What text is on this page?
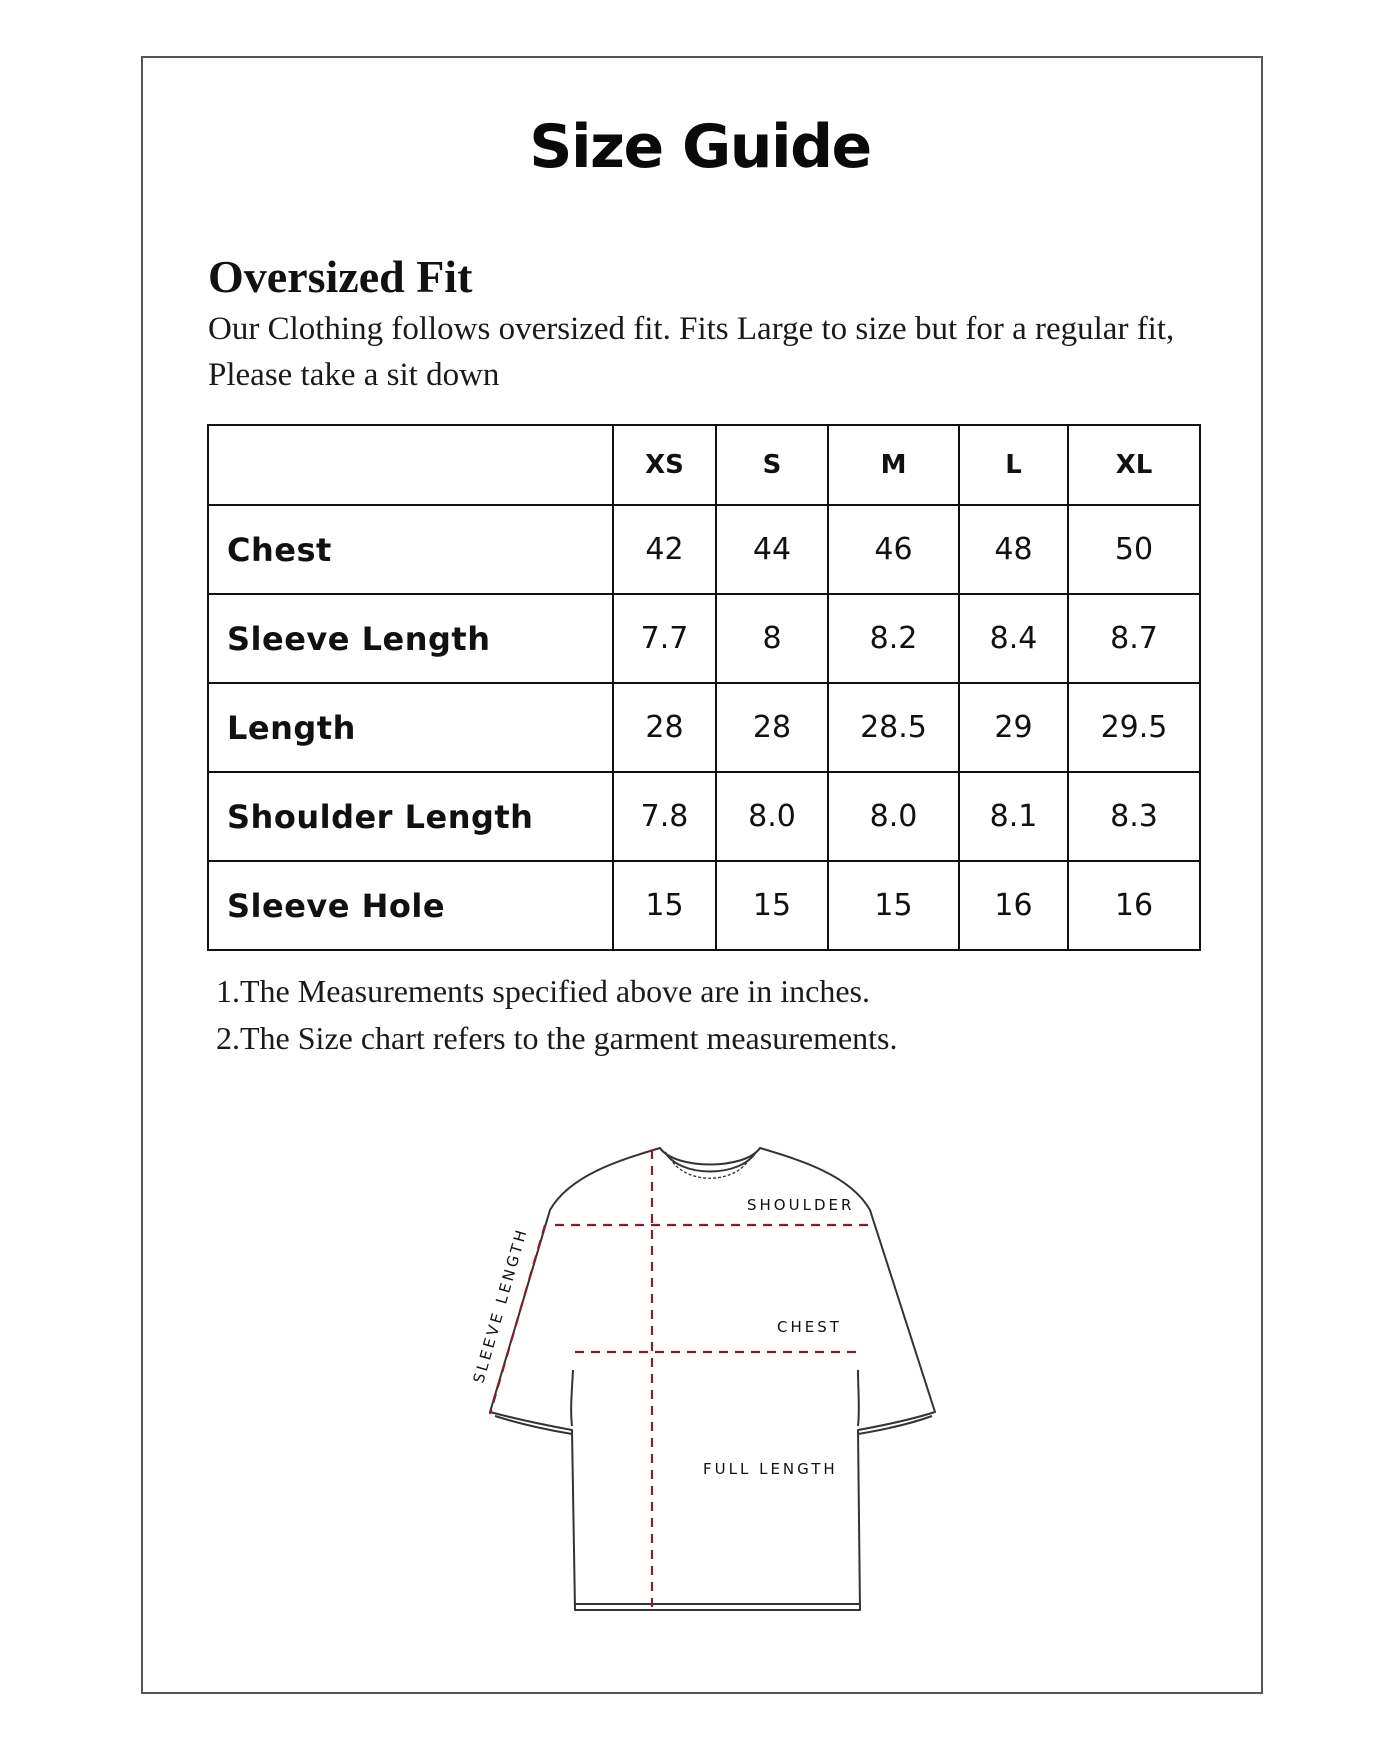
Size Guide
Oversized Fit

Our Clothing follows oversized fit. Fits Large to size but for a regular fit, Please take a sit down

	XS	S	M	L	XL
Chest	42	44	46	48	50
Sleeve Length	7.7	8	8.2	8.4	8.7
Length	28	28	28.5	29	29.5
Shoulder Length	7.8	8.0	8.0	8.1	8.3
Sleeve Hole	15	15	15	16	16
1.The Measurements specified above are in inches.
2.The Size chart refers to the garment measurements.
SHOULDER
CHEST
FULL LENGTH
SLEEVE LENGTH
